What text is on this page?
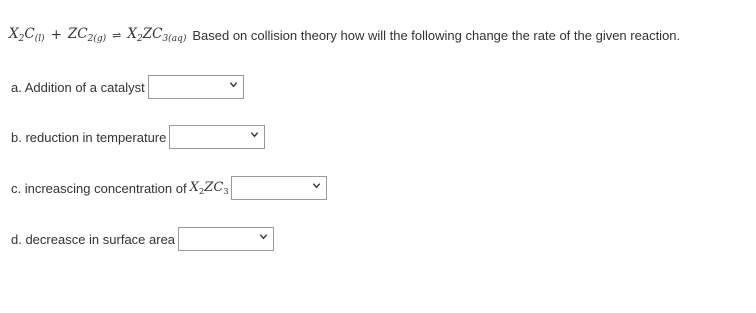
$X_2C_{(l)} + ZC_{2(g)}$ ⇌ $X_2ZC_{3(aq)}$ Based on collision theory how will the following change the rate of the given reaction.
a. Addition of a catalyst
b. reduction in temperature
c. increascing concentration of $X_2ZC_3$
d. decreasce in surface area
